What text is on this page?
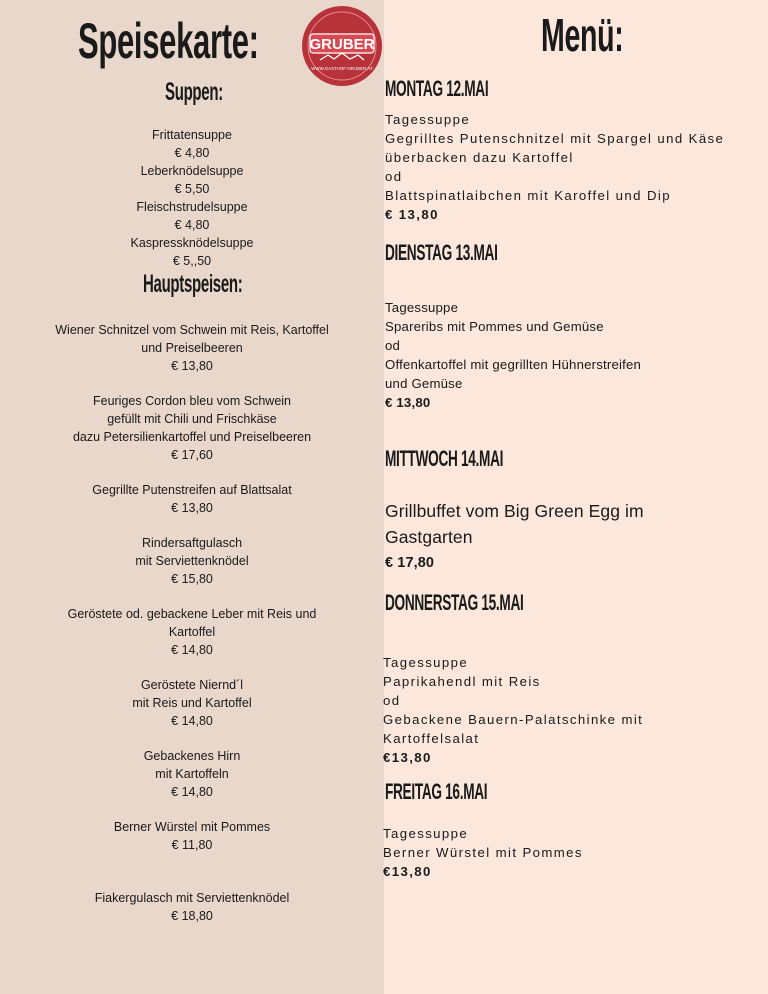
Speisekarte:	GRUBER
WWW.GASTHOF-GRUBER.AT
Suppen:
Frittatensuppe
€ 4,80
Leberknödelsuppe
€ 5,50
Fleischstrudelsuppe
€ 4,80
Kaspressknödelsuppe
€ 5,,50
Hauptspeisen:
Wiener Schnitzel vom Schwein mit Reis, Kartoffel
und Preiselbeeren
€ 13,80
Feuriges Cordon bleu vom Schwein
gefüllt mit Chili und Frischkäse
dazu Petersilienkartoffel und Preiselbeeren
€ 17,60
Gegrillte Putenstreifen auf Blattsalat
€ 13,80
Rindersaftgulasch
mit Serviettenknödel
€ 15,80
Geröstete od. gebackene Leber mit Reis und
Kartoffel
€ 14,80
Geröstete Niernd´l
mit Reis und Kartoffel
€ 14,80
Gebackenes Hirn
mit Kartoffeln
€ 14,80
Berner Würstel mit Pommes
€ 11,80
Fiakergulasch mit Serviettenknödel
€ 18,80
Menü:
MONTAG 12.MAI
Tagessuppe
Gegrilltes Putenschnitzel mit Spargel und Käse
überbacken dazu Kartoffel
od
Blattspinatlaibchen mit Karoffel und Dip
€ 13,80
DIENSTAG 13.MAI
Tagessuppe
Spareribs mit Pommes und Gemüse
od
Offenkartoffel mit gegrillten Hühnerstreifen
und Gemüse
€ 13,80
MITTWOCH 14.MAI
Grillbuffet vom Big Green Egg im
Gastgarten
€ 17,80
DONNERSTAG 15.MAI
Tagessuppe
Paprikahendl mit Reis
od
Gebackene Bauern-Palatschinke mit
Kartoffelsalat
€13,80
FREITAG 16.MAI
Tagessuppe
Berner Würstel mit Pommes
€13,80
